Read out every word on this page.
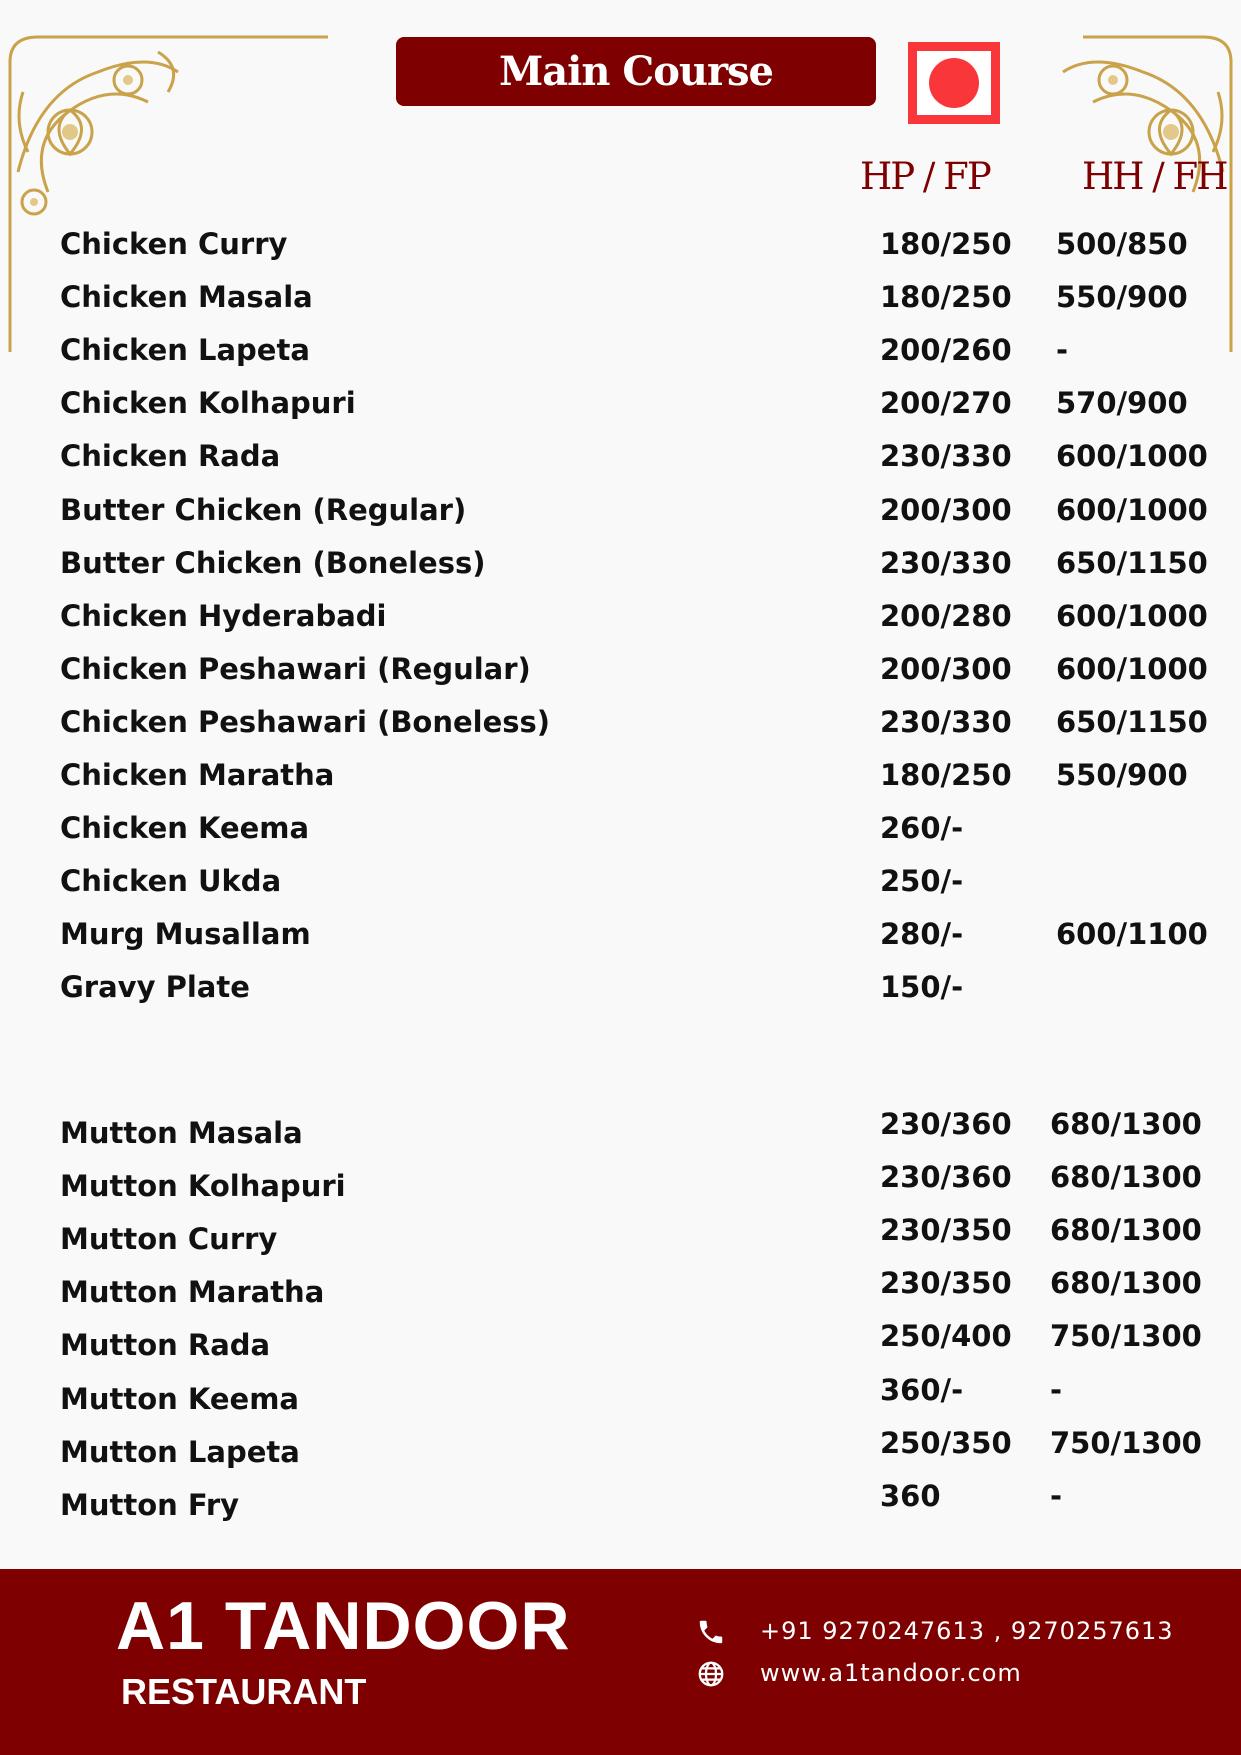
Main Course
HP / FP HH / FH
Chicken Curry	180/250 500/850
Chicken Masala	180/250 550/900
Chicken Lapeta	200/260 -
Chicken Kolhapuri	200/270 570/900
Chicken Rada	230/330 600/1000
Butter Chicken (Regular)	200/300 600/1000
Butter Chicken (Boneless)	230/330 650/1150
Chicken Hyderabadi	200/280 600/1000
Chicken Peshawari (Regular)	200/300 600/1000
Chicken Peshawari (Boneless)	230/330 650/1150
Chicken Maratha	180/250 550/900
Chicken Keema	260/-
Chicken Ukda	250/-
Murg Musallam	280/-	600/1100
Gravy Plate	150/-
Mutton Masala	230/360 680/1300
Mutton Kolhapuri	230/360 680/1300
Mutton Curry	230/350 680/1300
Mutton Maratha	230/350 680/1300
Mutton Rada	250/400 750/1300
Mutton Keema	360/-	-
Mutton Lapeta	250/350 750/1300
Mutton Fry	360	-
A1 TANDOOR
RESTAURANT
+91 9270247613 , 9270257613
www.a1tandoor.com
